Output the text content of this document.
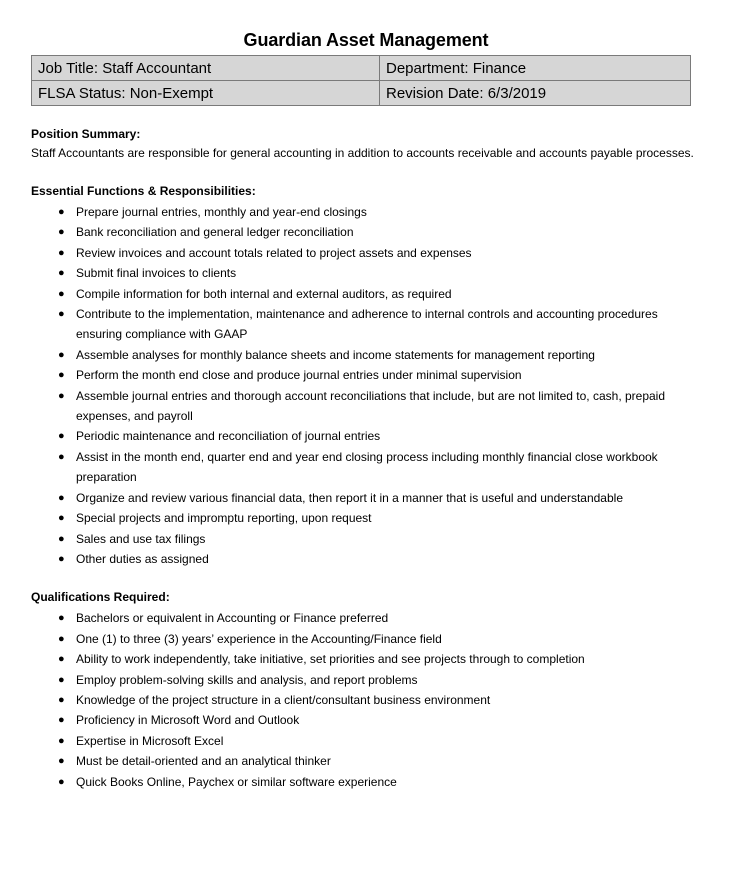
Guardian Asset Management
Job Title: Staff Accountant	Department: Finance
FLSA Status: Non-Exempt	Revision Date: 6/3/2019

Position Summary:

Staff Accountants are responsible for general accounting in addition to accounts receivable and accounts payable processes.

Essential Functions & Responsibilities:

● Prepare journal entries, monthly and year-end closings
● Bank reconciliation and general ledger reconciliation
● Review invoices and account totals related to project assets and expenses
● Submit final invoices to clients
● Compile information for both internal and external auditors, as required
● Contribute to the implementation, maintenance and adherence to internal controls and accounting procedures ensuring compliance with GAAP
● Assemble analyses for monthly balance sheets and income statements for management reporting
● Perform the month end close and produce journal entries under minimal supervision
● Assemble journal entries and thorough account reconciliations that include, but are not limited to, cash, prepaid expenses, and payroll
● Periodic maintenance and reconciliation of journal entries
● Assist in the month end, quarter end and year end closing process including monthly financial close workbook preparation
● Organize and review various financial data, then report it in a manner that is useful and understandable
● Special projects and impromptu reporting, upon request
● Sales and use tax filings
● Other duties as assigned

Qualifications Required:

● Bachelors or equivalent in Accounting or Finance preferred
● One (1) to three (3) years’ experience in the Accounting/Finance field
● Ability to work independently, take initiative, set priorities and see projects through to completion
● Employ problem-solving skills and analysis, and report problems
● Knowledge of the project structure in a client/consultant business environment
● Proficiency in Microsoft Word and Outlook
● Expertise in Microsoft Excel
● Must be detail-oriented and an analytical thinker
● Quick Books Online, Paychex or similar software experience
